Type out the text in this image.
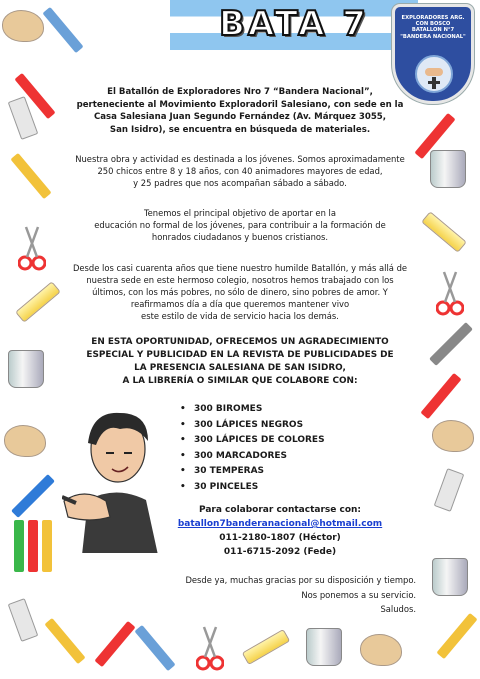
BATA 7	EXPLORADORES ARG.
CON BOSCO
BATALLON N°7
"BANDERA NACIONAL"
El Batallón de Exploradores Nro 7 “Bandera Nacional”,
perteneciente al Movimiento Exploradoril Salesiano, con sede en la
Casa Salesiana Juan Segundo Fernández (Av. Márquez 3055,
San Isidro), se encuentra en búsqueda de materiales.
Nuestra obra y actividad es destinada a los jóvenes. Somos aproximadamente
250 chicos entre 8 y 18 años, con 40 animadores mayores de edad,
y 25 padres que nos acompañan sábado a sábado.
Tenemos el principal objetivo de aportar en la
educación no formal de los jóvenes, para contribuir a la formación de
honrados ciudadanos y buenos cristianos.
Desde los casi cuarenta años que tiene nuestro humilde Batallón, y más allá de
nuestra sede en este hermoso colegio, nosotros hemos trabajado con los
últimos, con los más pobres, no sólo de dinero, sino pobres de amor. Y
reafirmamos día a día que queremos mantener vivo
este estilo de vida de servicio hacia los demás.
EN ESTA OPORTUNIDAD, OFRECEMOS UN AGRADECIMIENTO
ESPECIAL Y PUBLICIDAD EN LA REVISTA DE PUBLICIDADES DE
LA PRESENCIA SALESIANA DE SAN ISIDRO,
A LA LIBRERÍA O SIMILAR QUE COLABORE CON:
• 300 BIROMES
• 300 LÁPICES NEGROS
• 300 LÁPICES DE COLORES
• 300 MARCADORES
• 30 TEMPERAS
• 30 PINCELES
Para colaborar contactarse con:
batallon7banderanacional@hotmail.com
011-2180-1807 (Héctor)
011-6715-2092 (Fede)
Desde ya, muchas gracias por su disposición y tiempo.
Nos ponemos a su servicio.
Saludos.
